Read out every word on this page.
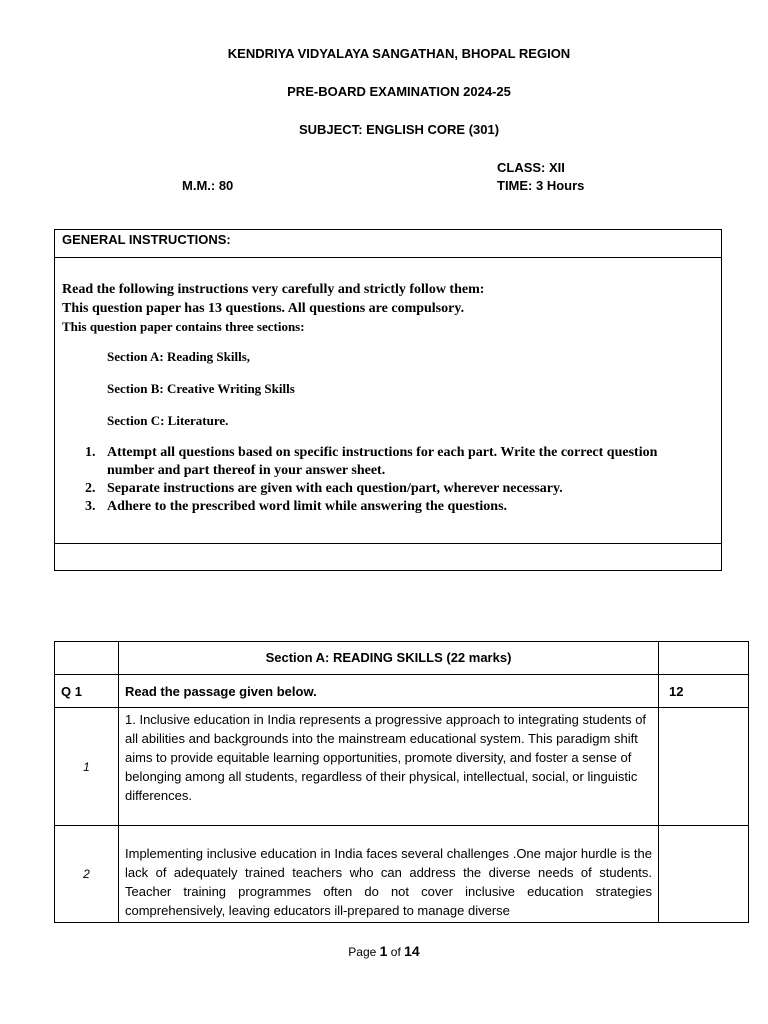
KENDRIYA VIDYALAYA SANGATHAN, BHOPAL REGION
PRE-BOARD EXAMINATION 2024-25
SUBJECT: ENGLISH CORE (301)
CLASS: XII
M.M.: 80	TIME: 3 Hours
GENERAL INSTRUCTIONS:
Read the following instructions very carefully and strictly follow them:
This question paper has 13 questions. All questions are compulsory.
This question paper contains three sections:
Section A: Reading Skills,
Section B: Creative Writing Skills
Section C: Literature.
1. Attempt all questions based on specific instructions for each part. Write the correct question      number and part thereof in your answer sheet.
2. Separate instructions are given with each question/part, wherever necessary.
3. Adhere to the prescribed word limit while answering the questions.
	Section A: READING SKILLS (22 marks)	

Q 1	Read the passage given below.	12

1	1. Inclusive education in India represents a progressive approach to integrating students of all abilities and backgrounds into the mainstream educational system. This paradigm shift aims to provide equitable learning opportunities, promote diversity, and foster a sense of belonging among all students, regardless of their physical, intellectual, social, or linguistic differences.	

2	Implementing inclusive education in India faces several challenges .One major hurdle is the lack of adequately trained teachers who can address the diverse needs of students. Teacher training programmes often do not cover inclusive education strategies comprehensively, leaving educators ill-prepared to manage diverse	

Page 1 of 14
